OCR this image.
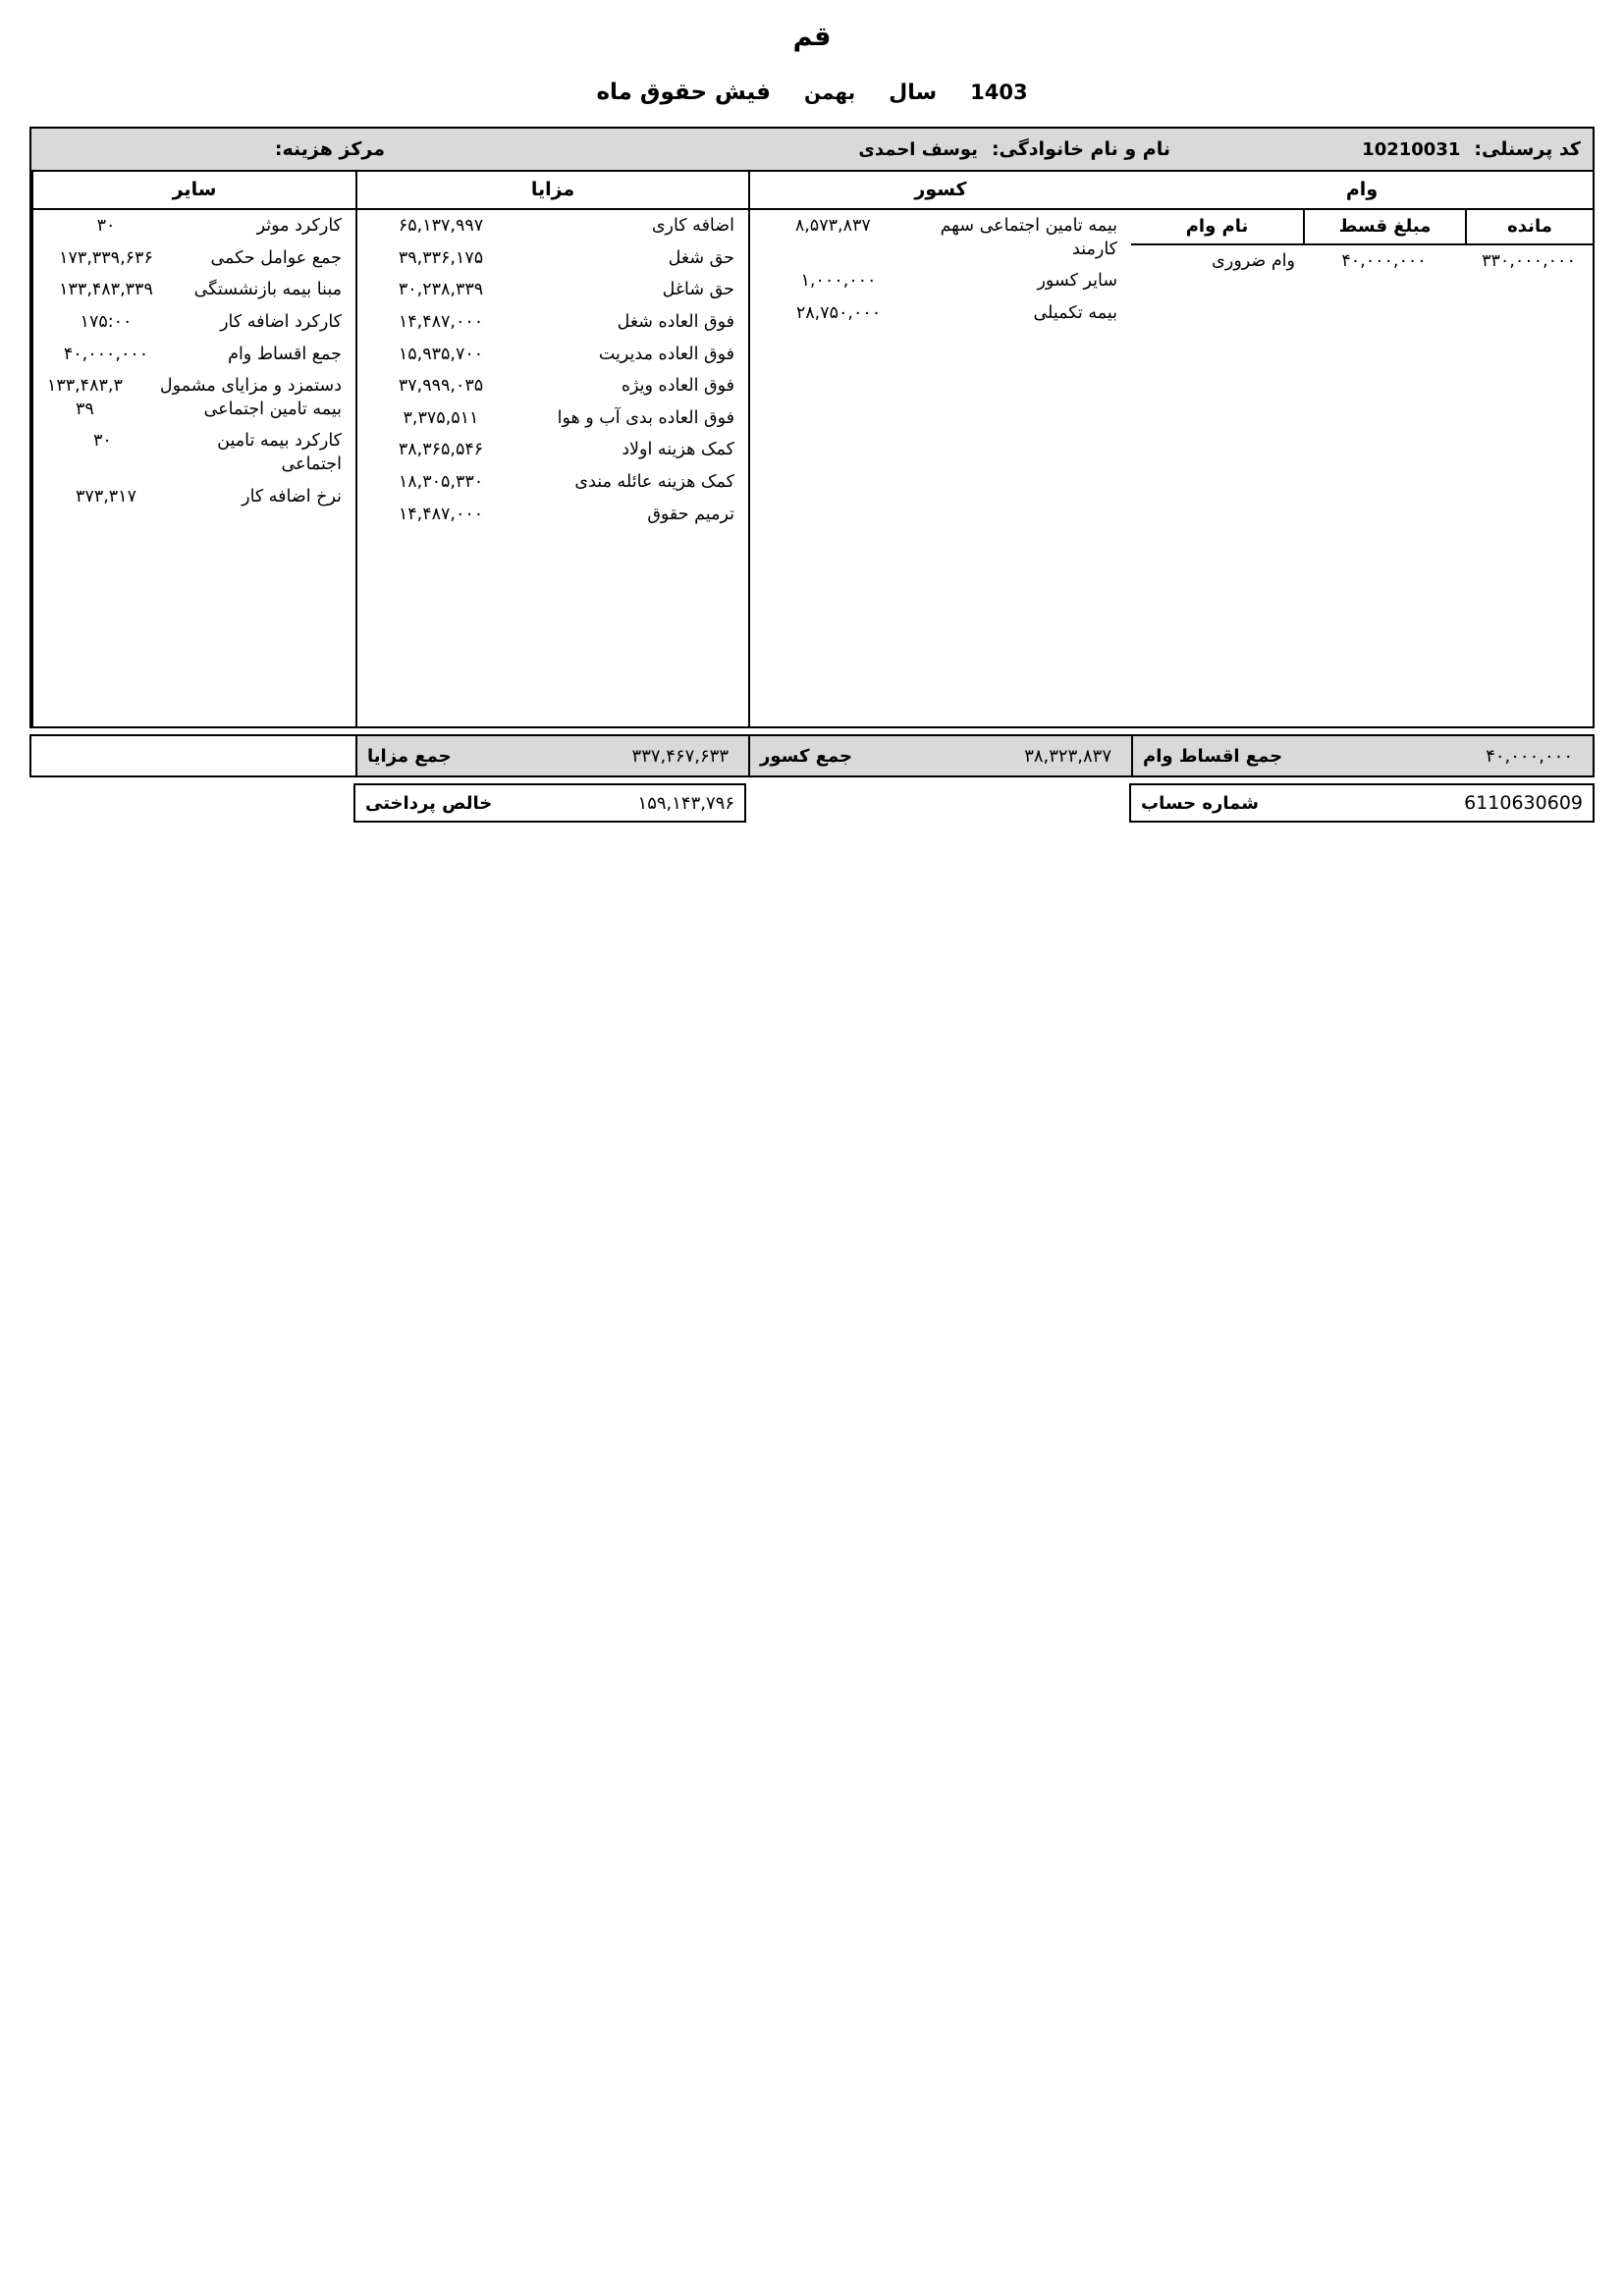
قم
1403
سال
بهمن
فیش حقوق ماه
کد پرسنلی:
10210031
نام و نام خانوادگی:
یوسف احمدی
مرکز هزینه:
وام
مانده
مبلغ قسط
نام وام
۳۳۰,۰۰۰,۰۰۰
۴۰,۰۰۰,۰۰۰
وام ضروری
کسور
بیمه تامین اجتماعی سهم کارمند
۸,۵۷۳,۸۳۷
سایر کسور
۱,۰۰۰,۰۰۰
بیمه تکمیلی
۲۸,۷۵۰,۰۰۰
مزایا
اضافه کاری
۶۵,۱۳۷,۹۹۷
حق شغل
۳۹,۳۳۶,۱۷۵
حق شاغل
۳۰,۲۳۸,۳۳۹
فوق العاده شغل
۱۴,۴۸۷,۰۰۰
فوق العاده مدیریت
۱۵,۹۳۵,۷۰۰
فوق العاده ویژه
۳۷,۹۹۹,۰۳۵
فوق العاده بدی آب و هوا
۳,۳۷۵,۵۱۱
کمک هزینه اولاد
۳۸,۳۶۵,۵۴۶
کمک هزینه عائله مندی
۱۸,۳۰۵,۳۳۰
ترمیم حقوق
۱۴,۴۸۷,۰۰۰
سایر
کارکرد موثر
۳۰
جمع عوامل حکمی
۱۷۳,۳۳۹,۶۳۶
مبنا بیمه بازنشستگی
۱۳۳,۴۸۳,۳۳۹
کارکرد اضافه کار
۱۷۵:۰۰
جمع اقساط وام
۴۰,۰۰۰,۰۰۰
دستمزد و مزایای مشمول بیمه تامین اجتماعی
۱۳۳,۴۸۳,۳۳۹
کارکرد بیمه تامین اجتماعی
۳۰
نرخ اضافه کار
۳۷۳,۳۱۷
۴۰,۰۰۰,۰۰۰
جمع اقساط وام
۳۸,۳۲۳,۸۳۷
جمع کسور
۳۳۷,۴۶۷,۶۳۳
جمع مزایا
6110630609
شماره حساب
۱۵۹,۱۴۳,۷۹۶
خالص پرداختی
